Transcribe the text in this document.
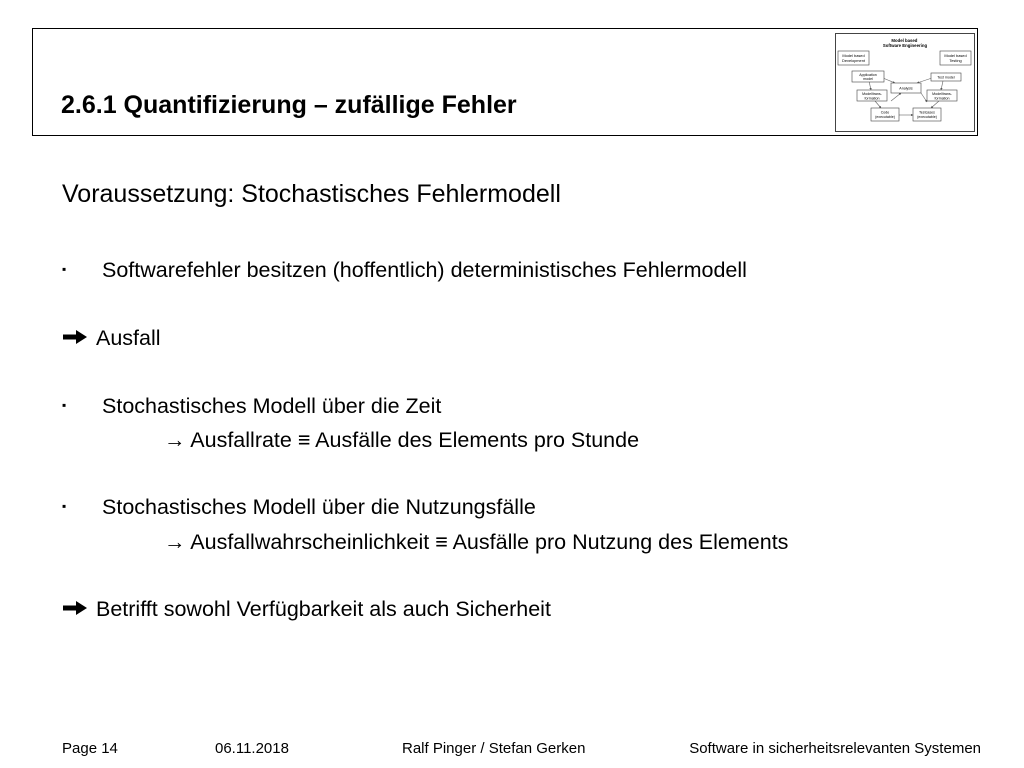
2.6.1 Quantifizierung – zufällige Fehler
Model based Software Engineering
Model based Development
Model based Testing
Application model	Test model
Analysis
Modelltrans-formation
Modelltrans-formation
Code (executable)
Testcases (executable)
Voraussetzung: Stochastisches Fehlermodell
▪ Softwarefehler besitzen (hoffentlich) deterministisches Fehlermodell
Ausfall
▪ Stochastisches Modell über die Zeit
→ Ausfallrate ≡ Ausfälle des Elements pro Stunde
▪ Stochastisches Modell über die Nutzungsfälle
→ Ausfallwahrscheinlichkeit ≡ Ausfälle pro Nutzung des Elements
Betrifft sowohl Verfügbarkeit als auch Sicherheit
Page 14	06.11.2018	Ralf Pinger / Stefan Gerken	Software in sicherheitsrelevanten Systemen
